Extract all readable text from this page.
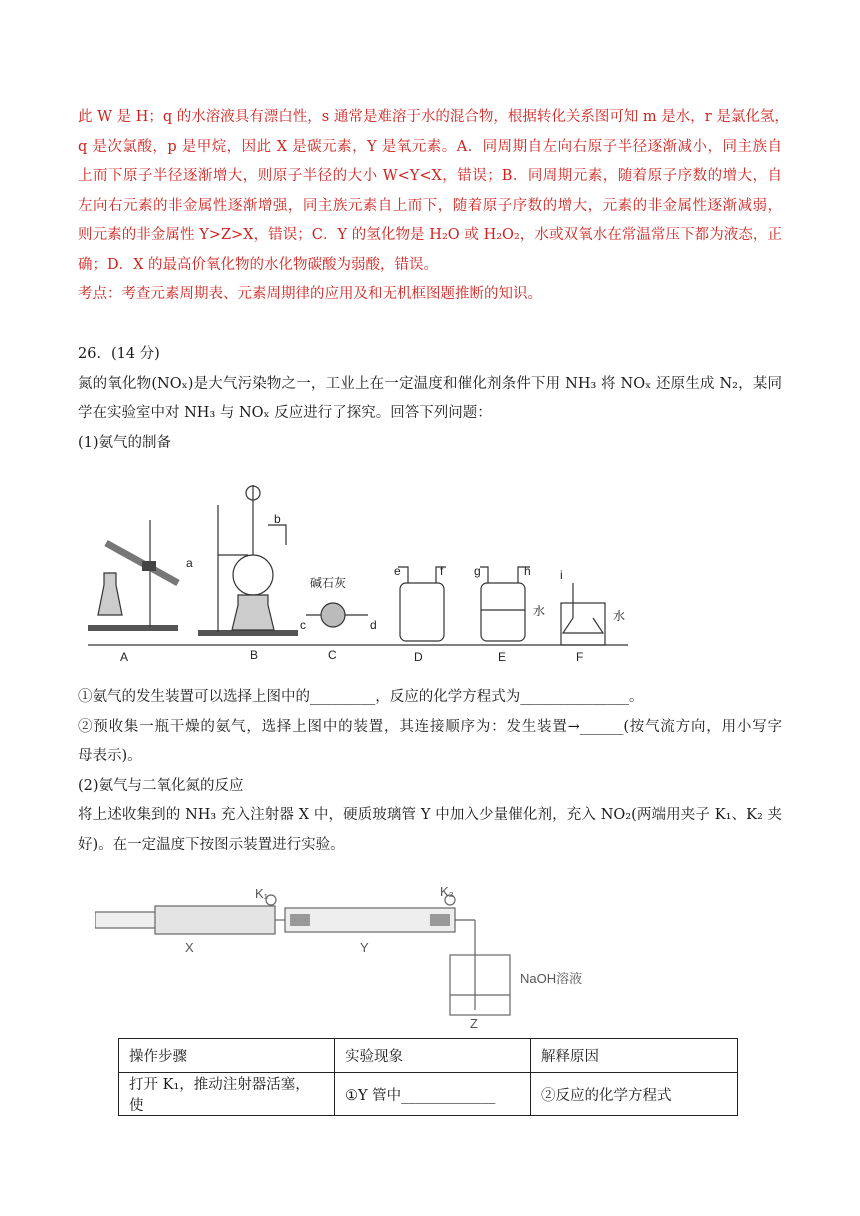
此 W 是 H；q 的水溶液具有漂白性，s 通常是难溶于水的混合物，根据转化关系图可知 m 是水，r 是氯化氢，
q 是次氯酸，p 是甲烷，因此 X 是碳元素，Y 是氧元素。A．同周期自左向右原子半径逐渐减小，同主族自
上而下原子半径逐渐增大，则原子半径的大小 W<Y<X，错误；B．同周期元素，随着原子序数的增大，自
左向右元素的非金属性逐渐增强，同主族元素自上而下，随着原子序数的增大，元素的非金属性逐渐减弱，
则元素的非金属性 Y>Z>X，错误；C．Y 的氢化物是 H₂O 或 H₂O₂，水或双氧水在常温常压下都为液态，正
确；D．X 的最高价氧化物的水化物碳酸为弱酸，错误。
考点：考查元素周期表、元素周期律的应用及和无机框图题推断的知识。
26．(14 分)
氮的氧化物(NOₓ)是大气污染物之一，工业上在一定温度和催化剂条件下用 NH₃ 将 NOₓ 还原生成 N₂，某同
学在实验室中对 NH₃ 与 NOₓ 反应进行了探究。回答下列问题：
(1)氨气的制备
A
a
B
b
碱石灰
c	d
C
e	f
D
g	h
水
E
i
水
F
①氨气的发生装置可以选择上图中的_________，反应的化学方程式为_______________。
②预收集一瓶干燥的氨气，选择上图中的装置，其连接顺序为：发生装置→______(按气流方向，用小写字
母表示)。
(2)氨气与二氧化氮的反应
将上述收集到的 NH₃ 充入注射器 X 中，硬质玻璃管 Y 中加入少量催化剂，充入 NO₂(两端用夹子 K₁、K₂ 夹
好)。在一定温度下按图示装置进行实验。
X
K₁
Y
K₂
NaOH溶液
Z
操作步骤	实验现象	解释原因
打开 K₁，推动注射器活塞，使	①Y 管中_____________	②反应的化学方程式
